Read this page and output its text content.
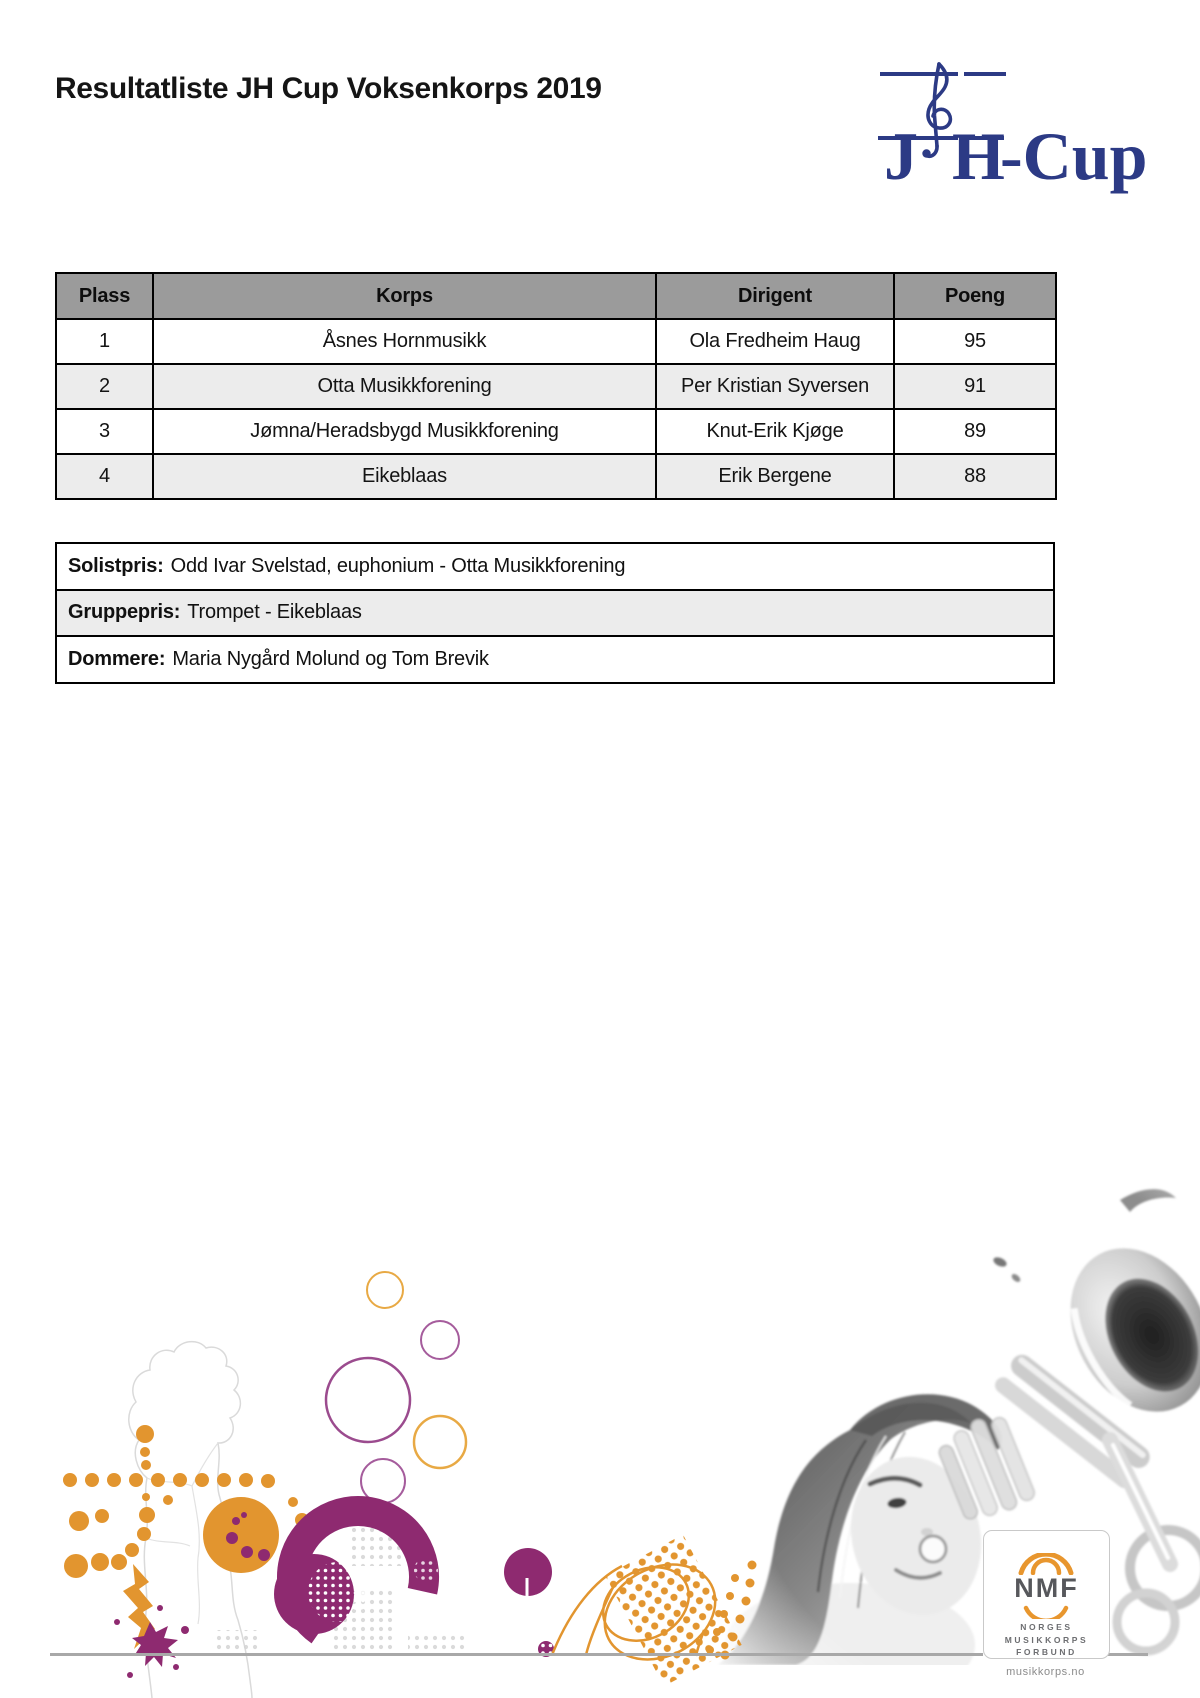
Resultatliste JH Cup Voksenkorps 2019
J H
-Cup
Plass	Korps	Dirigent	Poeng
1	Åsnes Hornmusikk	Ola Fredheim Haug	95
2	Otta Musikkforening	Per Kristian Syversen	91
3	Jømna/Heradsbygd Musikkforening	Knut-Erik Kjøge	89
4	Eikeblaas	Erik Bergene	88
Solistpris: Odd Ivar Svelstad, euphonium - Otta Musikkforening
Gruppepris: Trompet - Eikeblaas
Dommere: Maria Nygård Molund og Tom Brevik
NMF
NORGES
MUSIKKORPS
FORBUND
musikkorps.no
